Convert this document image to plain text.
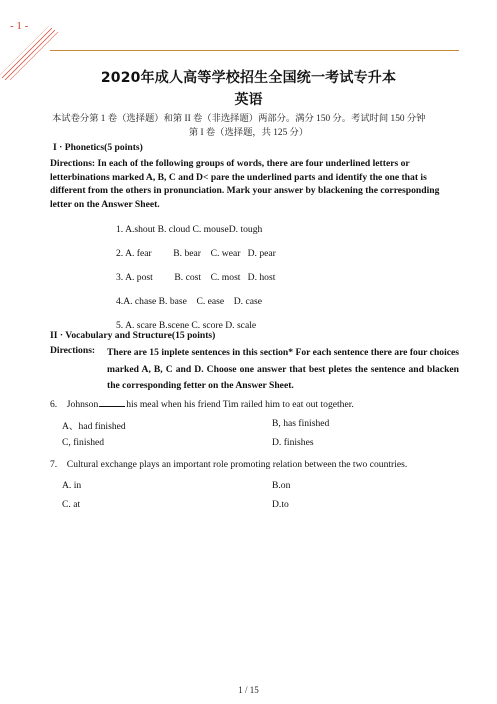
- 1 -
2020年成人高等学校招生全国统一考试专升本
英语
本试卷分第 1 卷（选择题）和第 II 卷（非选择题）两部分。满分 150 分。考试时间 150 分钟
第 I 卷（选择题，共 125 分）
I · Phonetics(5 points)
Directions: In each of the following groups of words, there are four underlined letters or letterbinations marked A, B, C and D< pare the underlined parts and identify the one that is different from the others in pronunciation. Mark your answer by blackening the corresponding letter on the Answer Sheet.
1. A.shout B. cloud C. mouseD. tough
2. A. fear         B. bear    C. wear   D. pear
3. A. post         B. cost    C. most   D. host
4.A. chase B. base    C. ease    D. case
5. A. scare B.scene C. score D. scale
II · Vocabulary and Structure(15 points)
Directions: There are 15 inplete sentences in this section* For each sentence there are four choices marked A, B, C and D. Choose one answer that best pletes the sentence and blacken the corresponding fetter on the Answer Sheet.
6. Johnson	his meal when his friend Tim railed him to eat out together.
A、had finished	B, has finished
C, finished	D. finishes
7. Cultural exchange plays an important role promoting relation between the two countries.
A. in	B.on
C. at	D.to
1 / 15
